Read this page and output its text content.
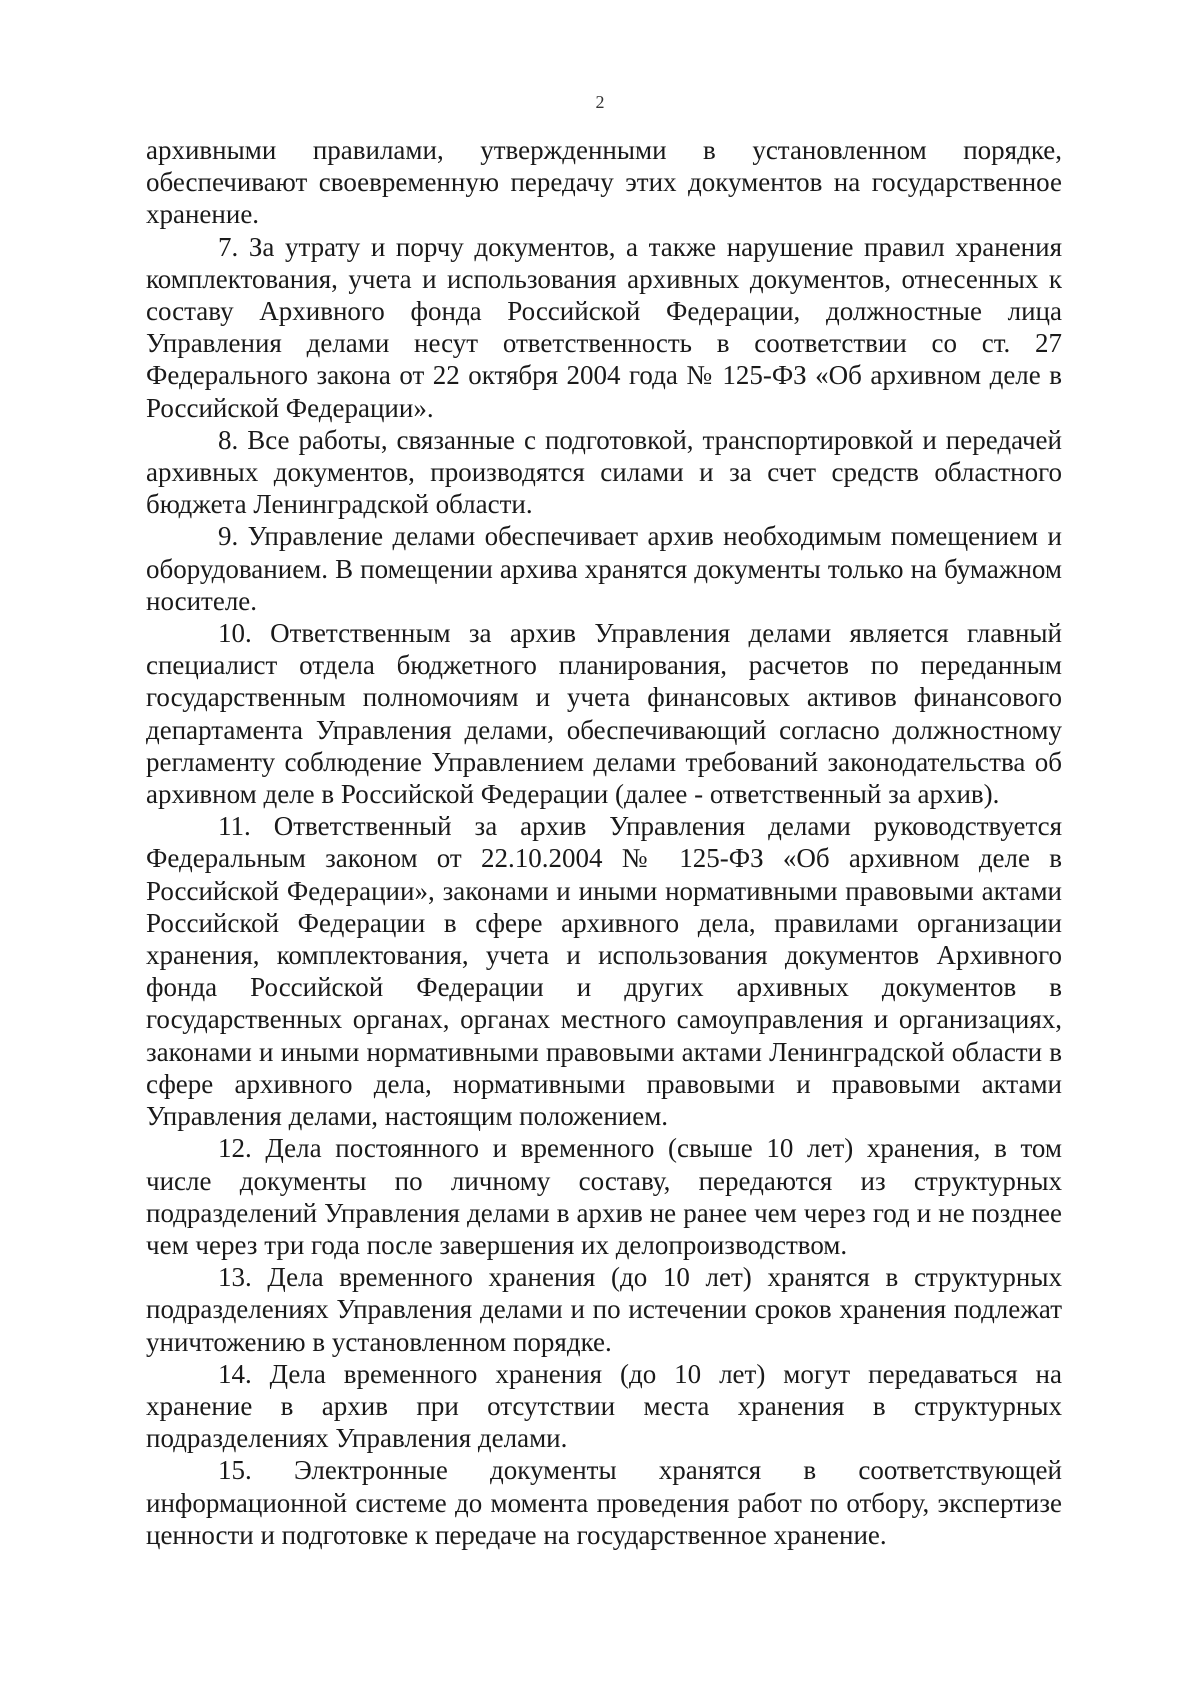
2

архивными правилами, утвержденными в установленном порядке, обеспечивают своевременную передачу этих документов на государственное хранение.

7. За утрату и порчу документов, а также нарушение правил хранения комплектования, учета и использования архивных документов, отнесенных к составу Архивного фонда Российской Федерации, должностные лица Управления делами несут ответственность в соответствии со ст. 27 Федерального закона от 22 октября 2004 года № 125-ФЗ «Об архивном деле в Российской Федерации».

8. Все работы, связанные с подготовкой, транспортировкой и передачей архивных документов, производятся силами и за счет средств областного бюджета Ленинградской области.

9. Управление делами обеспечивает архив необходимым помещением и оборудованием. В помещении архива хранятся документы только на бумажном носителе.

10. Ответственным за архив Управления делами является главный специалист отдела бюджетного планирования, расчетов по переданным государственным полномочиям и учета финансовых активов финансового департамента Управления делами, обеспечивающий согласно должностному регламенту соблюдение Управлением делами требований законодательства об архивном деле в Российской Федерации (далее - ответственный за архив).

11. Ответственный за архив Управления делами руководствуется Федеральным законом от 22.10.2004 № 125-ФЗ «Об архивном деле в Российской Федерации», законами и иными нормативными правовыми актами Российской Федерации в сфере архивного дела, правилами организации хранения, комплектования, учета и использования документов Архивного фонда Российской Федерации и других архивных документов в государственных органах, органах местного самоуправления и организациях, законами и иными нормативными правовыми актами Ленинградской области в сфере архивного дела, нормативными правовыми и правовыми актами Управления делами, настоящим положением.

12. Дела постоянного и временного (свыше 10 лет) хранения, в том числе документы по личному составу, передаются из структурных подразделений Управления делами в архив не ранее чем через год и не позднее чем через три года после завершения их делопроизводством.

13. Дела временного хранения (до 10 лет) хранятся в структурных подразделениях Управления делами и по истечении сроков хранения подлежат уничтожению в установленном порядке.

14. Дела временного хранения (до 10 лет) могут передаваться на хранение в архив при отсутствии места хранения в структурных подразделениях Управления делами.

15. Электронные документы хранятся в соответствующей информационной системе до момента проведения работ по отбору, экспертизе ценности и подготовке к передаче на государственное хранение.
